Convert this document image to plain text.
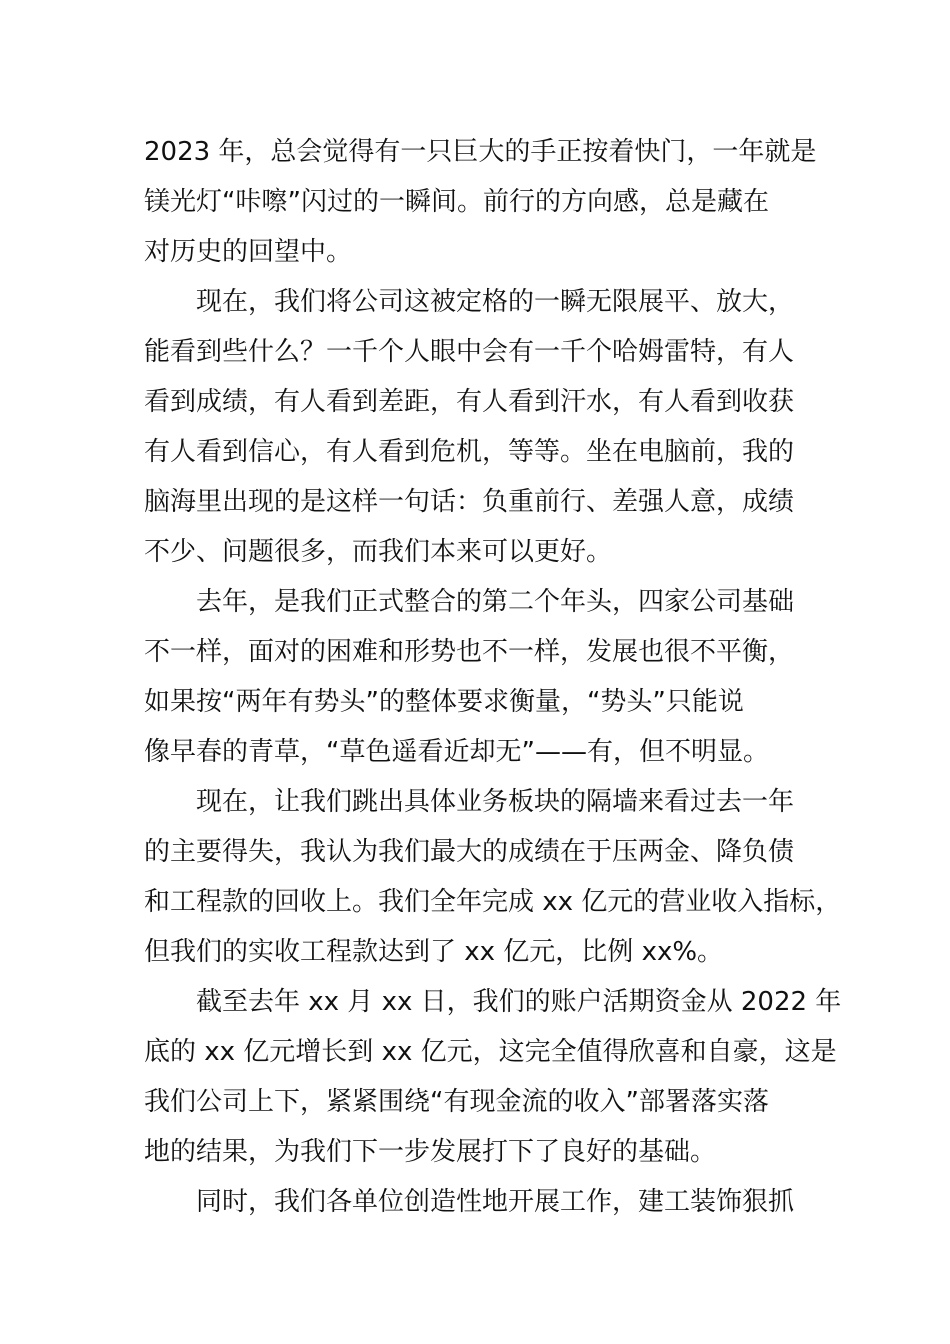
2023 年，总会觉得有一只巨大的手正按着快门，一年就是
镁光灯“咔嚓”闪过的一瞬间。前行的方向感，总是藏在
对历史的回望中。
　　现在，我们将公司这被定格的一瞬无限展平、放大，
能看到些什么？一千个人眼中会有一千个哈姆雷特，有人
看到成绩，有人看到差距，有人看到汗水，有人看到收获
有人看到信心，有人看到危机，等等。坐在电脑前，我的
脑海里出现的是这样一句话：负重前行、差强人意，成绩
不少、问题很多，而我们本来可以更好。
　　去年，是我们正式整合的第二个年头，四家公司基础
不一样，面对的困难和形势也不一样，发展也很不平衡，
如果按“两年有势头”的整体要求衡量，“势头”只能说
像早春的青草，“草色遥看近却无”——有，但不明显。
　　现在，让我们跳出具体业务板块的隔墙来看过去一年
的主要得失，我认为我们最大的成绩在于压两金、降负债
和工程款的回收上。我们全年完成 xx 亿元的营业收入指标，
但我们的实收工程款达到了 xx 亿元，比例 xx%。
　　截至去年 xx 月 xx 日，我们的账户活期资金从 2022 年
底的 xx 亿元增长到 xx 亿元，这完全值得欣喜和自豪，这是
我们公司上下，紧紧围绕“有现金流的收入”部署落实落
地的结果，为我们下一步发展打下了良好的基础。
　　同时，我们各单位创造性地开展工作，建工装饰狠抓
